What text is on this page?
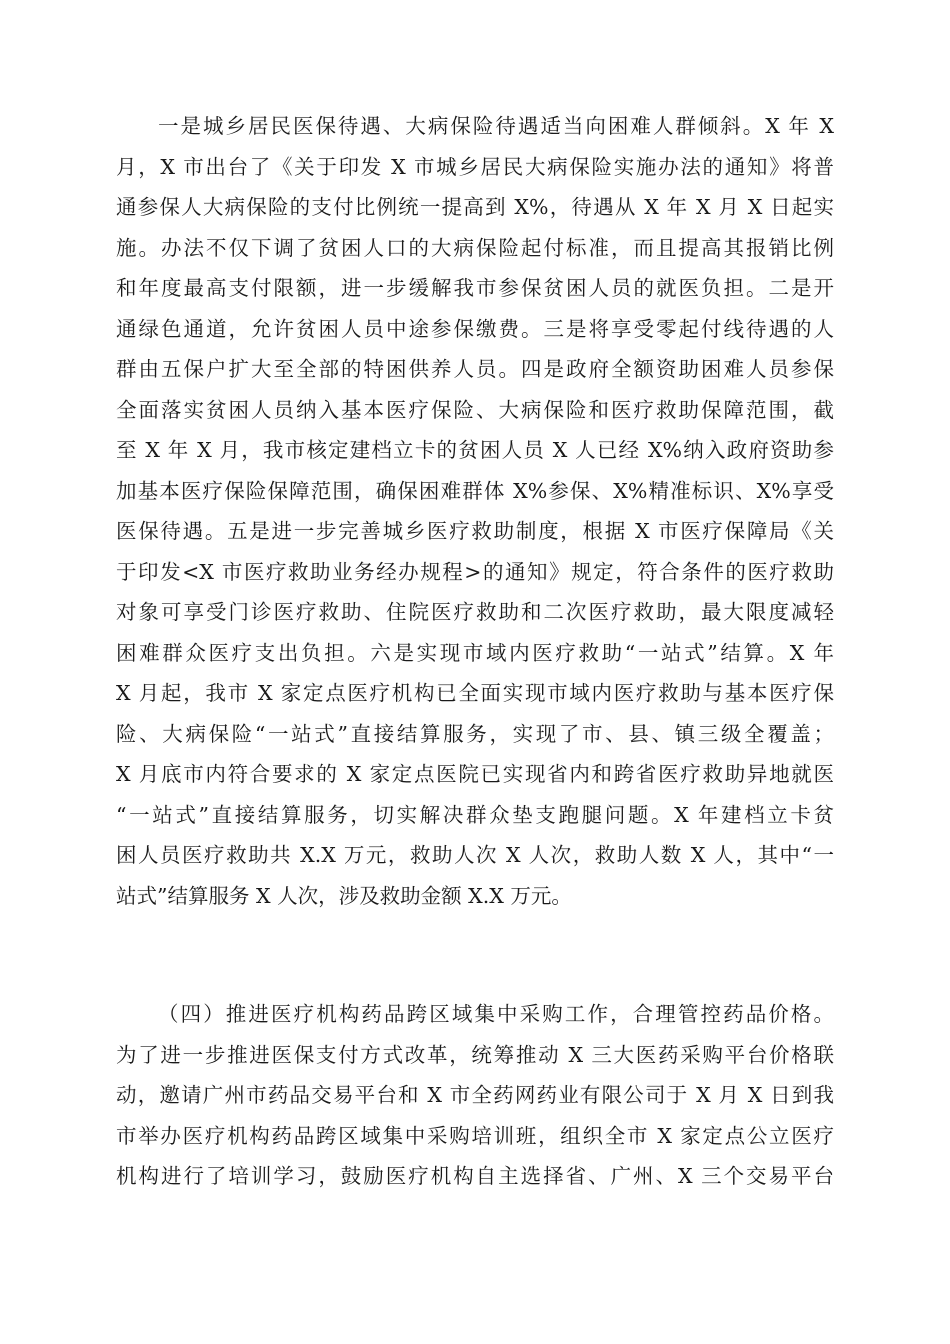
一是城乡居民医保待遇、大病保险待遇适当向困难人群倾斜。X 年 X
月，X 市出台了《关于印发 X 市城乡居民大病保险实施办法的通知》将普
通参保人大病保险的支付比例统一提高到 X%，待遇从 X 年 X 月 X 日起实
施。办法不仅下调了贫困人口的大病保险起付标准，而且提高其报销比例
和年度最高支付限额，进一步缓解我市参保贫困人员的就医负担。二是开
通绿色通道，允许贫困人员中途参保缴费。三是将享受零起付线待遇的人
群由五保户扩大至全部的特困供养人员。四是政府全额资助困难人员参保
全面落实贫困人员纳入基本医疗保险、大病保险和医疗救助保障范围，截
至 X 年 X 月，我市核定建档立卡的贫困人员 X 人已经 X%纳入政府资助参
加基本医疗保险保障范围，确保困难群体 X%参保、X%精准标识、X%享受
医保待遇。五是进一步完善城乡医疗救助制度，根据 X 市医疗保障局《关
于印发<X 市医疗救助业务经办规程>的通知》规定，符合条件的医疗救助
对象可享受门诊医疗救助、住院医疗救助和二次医疗救助，最大限度减轻
困难群众医疗支出负担。六是实现市域内医疗救助“一站式”结算。X 年
X 月起，我市 X 家定点医疗机构已全面实现市域内医疗救助与基本医疗保
险、大病保险“一站式”直接结算服务，实现了市、县、镇三级全覆盖；
X 月底市内符合要求的 X 家定点医院已实现省内和跨省医疗救助异地就医
“一站式”直接结算服务，切实解决群众垫支跑腿问题。X 年建档立卡贫
困人员医疗救助共 X.X 万元，救助人次 X 人次，救助人数 X 人，其中“一
站式”结算服务 X 人次，涉及救助金额 X.X 万元。
（四）推进医疗机构药品跨区域集中采购工作，合理管控药品价格。
为了进一步推进医保支付方式改革，统筹推动 X 三大医药采购平台价格联
动，邀请广州市药品交易平台和 X 市全药网药业有限公司于 X 月 X 日到我
市举办医疗机构药品跨区域集中采购培训班，组织全市 X 家定点公立医疗
机构进行了培训学习，鼓励医疗机构自主选择省、广州、X 三个交易平台
